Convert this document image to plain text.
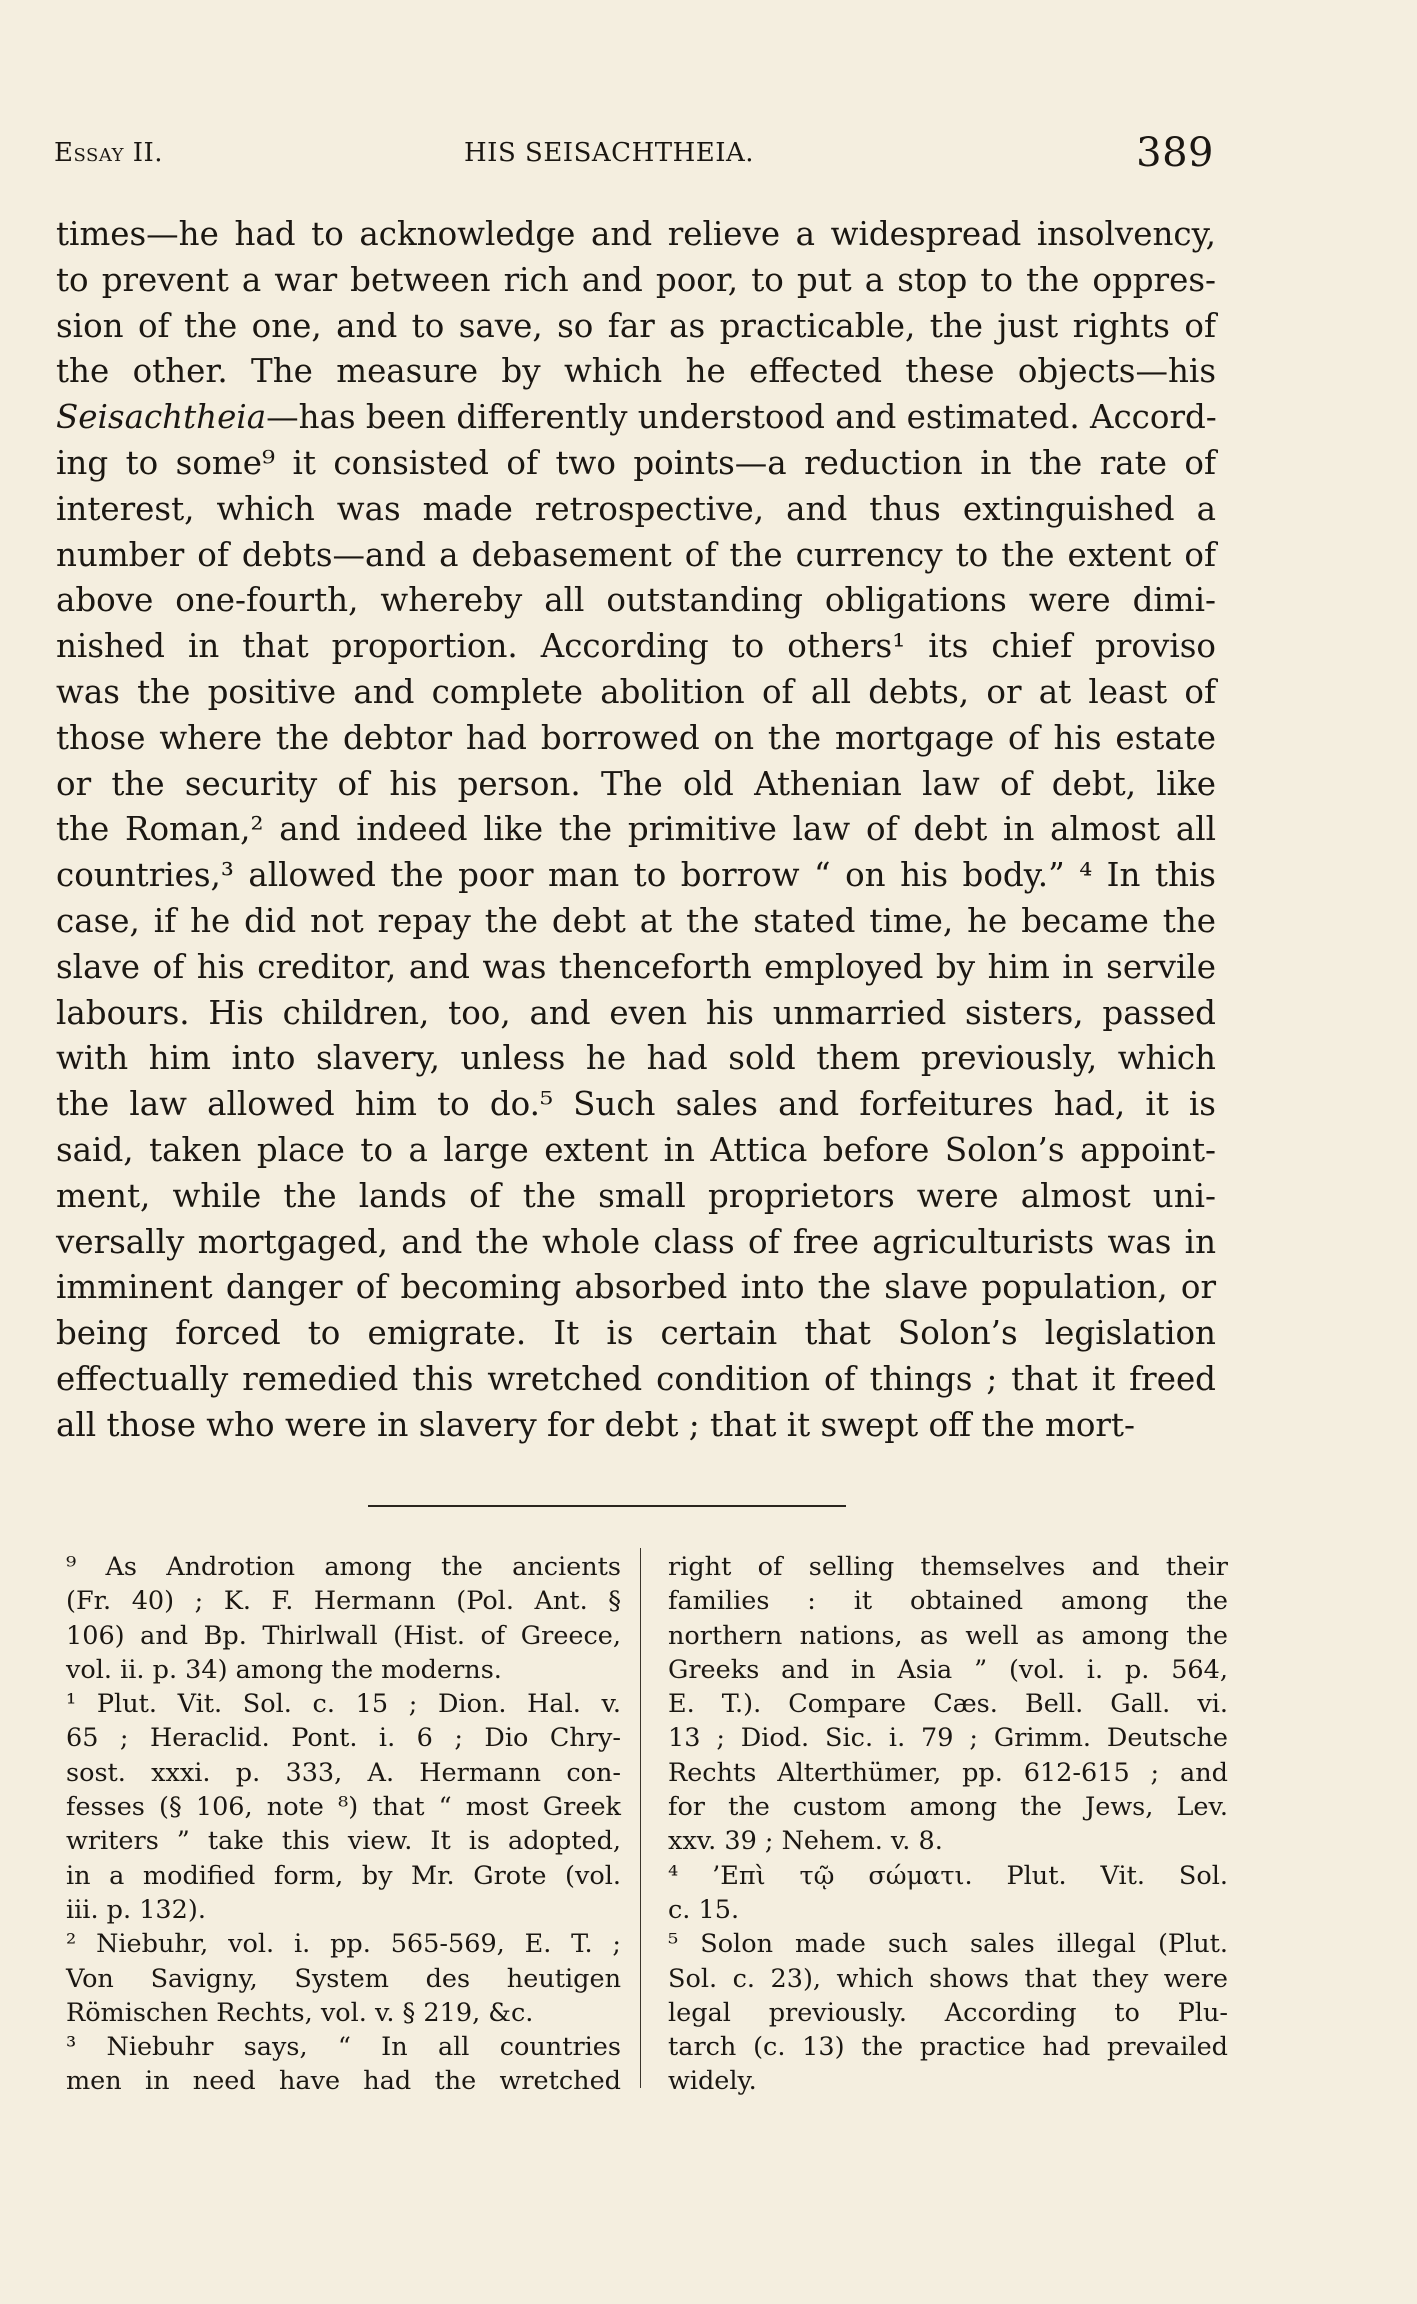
Essay II.	HIS SEISACHTHEIA.	389
times—he had to acknowledge and relieve a widespread insolvency,
to prevent a war between rich and poor, to put a stop to the oppres-
sion of the one, and to save, so far as practicable, the just rights of
the other. The measure by which he effected these objects—his
Seisachtheia—has been differently understood and estimated. Accord-
ing to some⁹ it consisted of two points—a reduction in the rate of
interest, which was made retrospective, and thus extinguished a
number of debts—and a debasement of the currency to the extent of
above one-fourth, whereby all outstanding obligations were dimi-
nished in that proportion. According to others¹ its chief proviso
was the positive and complete abolition of all debts, or at least of
those where the debtor had borrowed on the mortgage of his estate
or the security of his person. The old Athenian law of debt, like
the Roman,² and indeed like the primitive law of debt in almost all
countries,³ allowed the poor man to borrow “ on his body.” ⁴ In this
case, if he did not repay the debt at the stated time, he became the
slave of his creditor, and was thenceforth employed by him in servile
labours. His children, too, and even his unmarried sisters, passed
with him into slavery, unless he had sold them previously, which
the law allowed him to do.⁵ Such sales and forfeitures had, it is
said, taken place to a large extent in Attica before Solon’s appoint-
ment, while the lands of the small proprietors were almost uni-
versally mortgaged, and the whole class of free agriculturists was in
imminent danger of becoming absorbed into the slave population, or
being forced to emigrate. It is certain that Solon’s legislation
effectually remedied this wretched condition of things ; that it freed
all those who were in slavery for debt ; that it swept off the mort-
⁹ As Androtion among the ancients
(Fr. 40) ; K. F. Hermann (Pol. Ant. §
106) and Bp. Thirlwall (Hist. of Greece,
vol. ii. p. 34) among the moderns.
¹ Plut. Vit. Sol. c. 15 ; Dion. Hal. v.
65 ; Heraclid. Pont. i. 6 ; Dio Chry-
sost. xxxi. p. 333, A. Hermann con-
fesses (§ 106, note ⁸) that “ most Greek
writers ” take this view. It is adopted,
in a modified form, by Mr. Grote (vol.
iii. p. 132).
² Niebuhr, vol. i. pp. 565-569, E. T. ;
Von Savigny, System des heutigen
Römischen Rechts, vol. v. § 219, &c.
³ Niebuhr says, “ In all countries
men in need have had the wretched
right of selling themselves and their
families : it obtained among the
northern nations, as well as among the
Greeks and in Asia ” (vol. i. p. 564,
E. T.). Compare Cæs. Bell. Gall. vi.
13 ; Diod. Sic. i. 79 ; Grimm. Deutsche
Rechts Alterthümer, pp. 612-615 ; and
for the custom among the Jews, Lev.
xxv. 39 ; Nehem. v. 8.
⁴ ’Επὶ τῷ σώματι. Plut. Vit. Sol.
c. 15.
⁵ Solon made such sales illegal (Plut.
Sol. c. 23), which shows that they were
legal previously. According to Plu-
tarch (c. 13) the practice had prevailed
widely.
